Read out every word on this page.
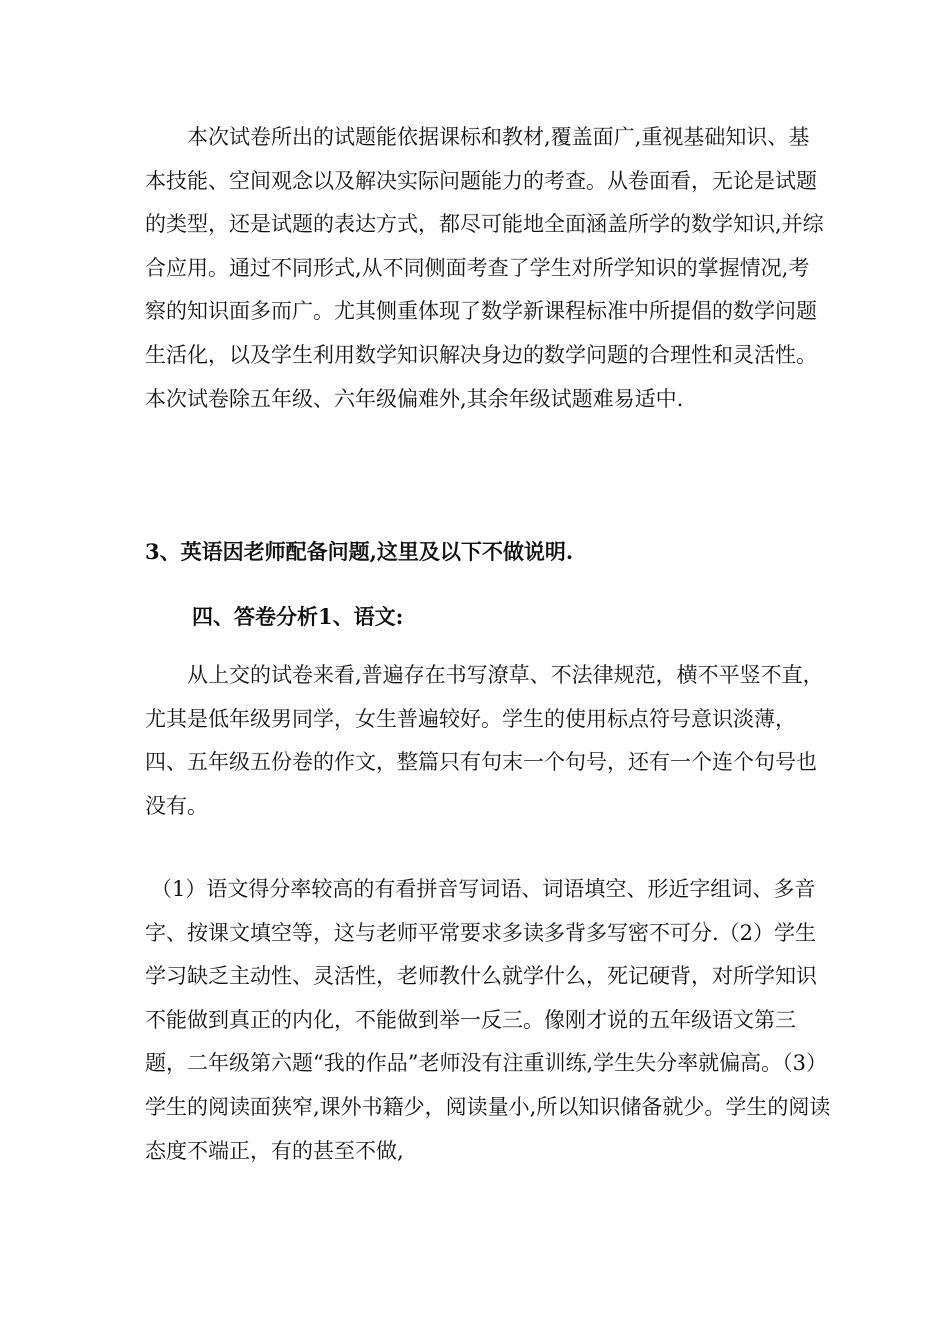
本次试卷所出的试题能依据课标和教材,覆盖面广,重视基础知识、基本技能、空间观念以及解决实际问题能力的考查。从卷面看，无论是试题的类型，还是试题的表达方式，都尽可能地全面涵盖所学的数学知识,并综合应用。通过不同形式,从不同侧面考查了学生对所学知识的掌握情况,考察的知识面多而广。尤其侧重体现了数学新课程标准中所提倡的数学问题生活化，以及学生利用数学知识解决身边的数学问题的合理性和灵活性。本次试卷除五年级、六年级偏难外,其余年级试题难易适中.

3、英语因老师配备问题,这里及以下不做说明.

四、答卷分析1、语文:

从上交的试卷来看,普遍存在书写潦草、不法律规范，横不平竖不直，尤其是低年级男同学，女生普遍较好。学生的使用标点符号意识淡薄，四、五年级五份卷的作文，整篇只有句末一个句号，还有一个连个句号也没有。

（1）语文得分率较高的有看拼音写词语、词语填空、形近字组词、多音字、按课文填空等，这与老师平常要求多读多背多写密不可分.（2）学生学习缺乏主动性、灵活性，老师教什么就学什么，死记硬背，对所学知识不能做到真正的内化，不能做到举一反三。像刚才说的五年级语文第三题，二年级第六题“我的作品”老师没有注重训练,学生失分率就偏高。（3）学生的阅读面狭窄,课外书籍少，阅读量小,所以知识储备就少。学生的阅读态度不端正，有的甚至不做,
